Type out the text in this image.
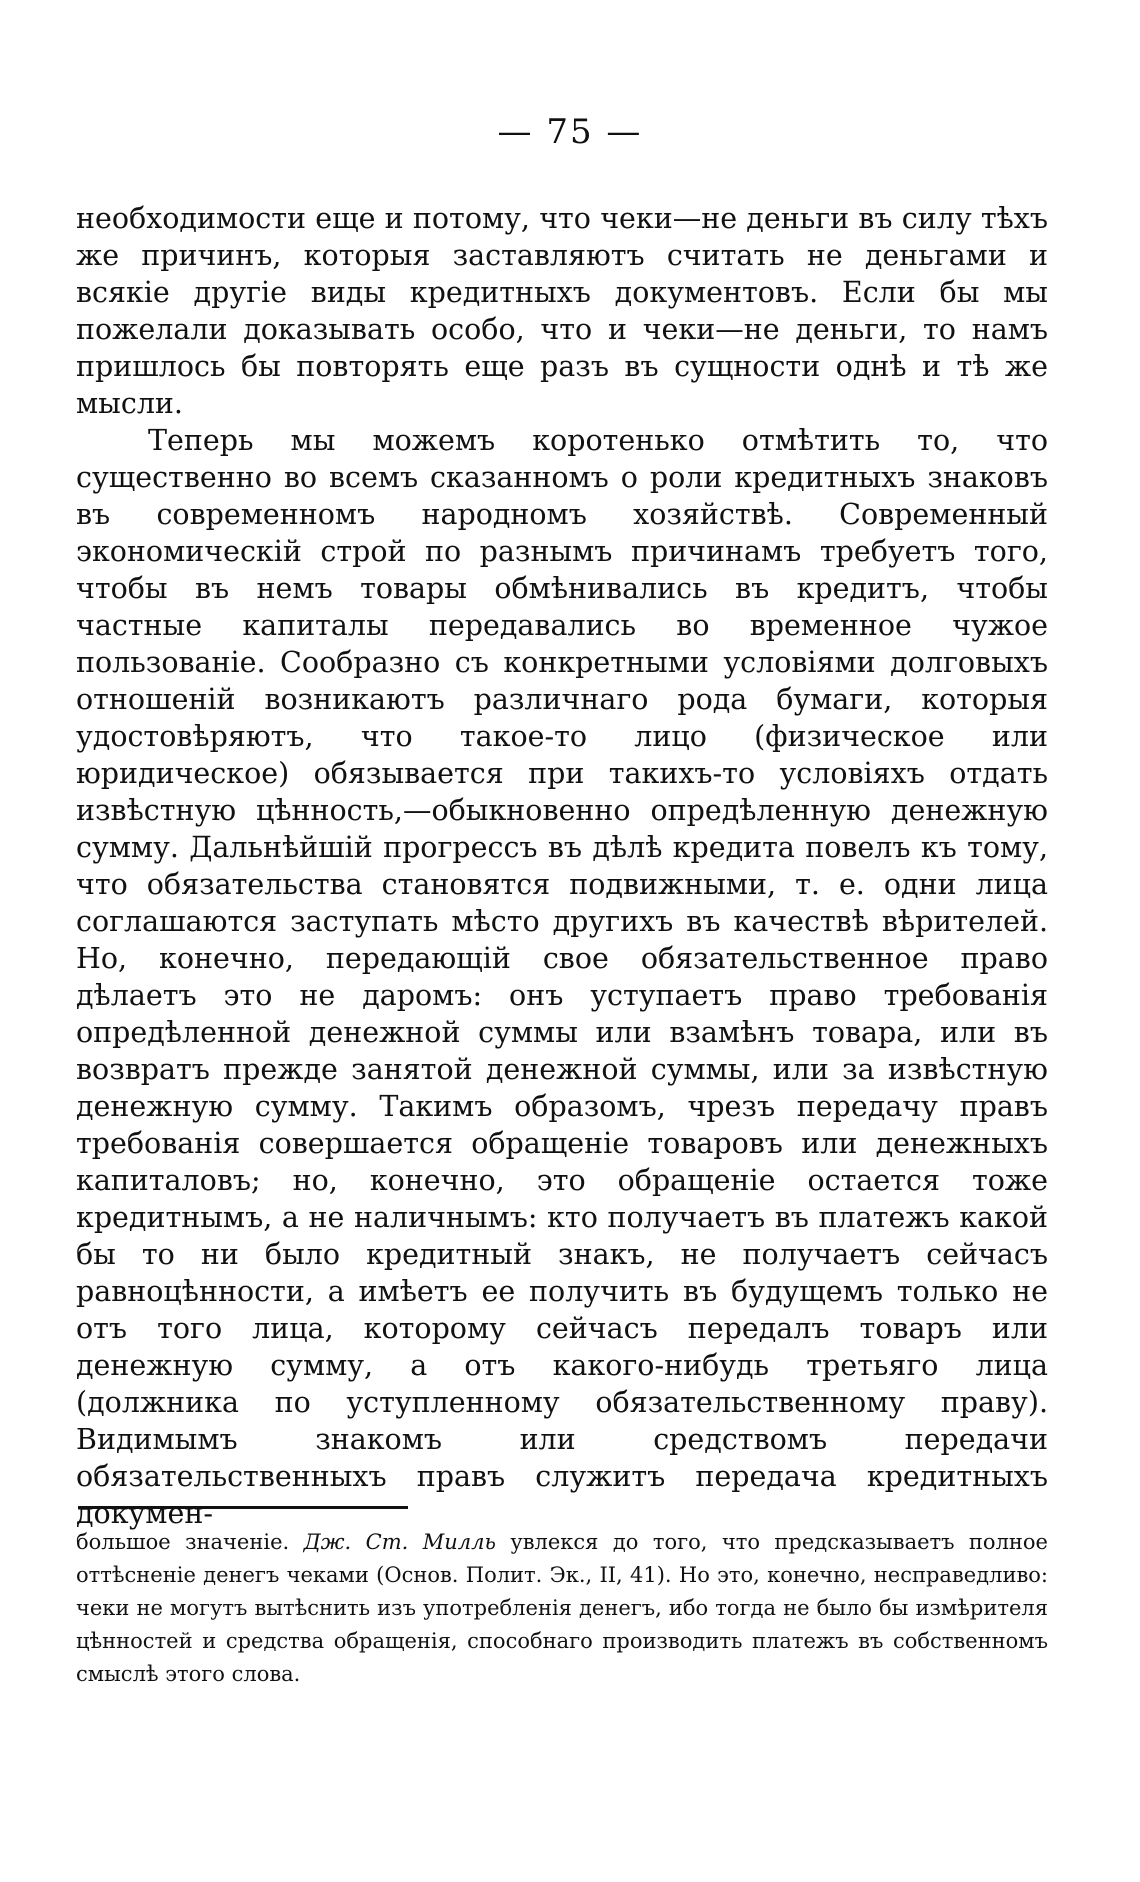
— 75 —

необходимости еще и потому, что чеки—не деньги въ силу тѣхъ же причинъ, которыя заставляютъ считать не деньгами и всякіе другіе виды кредитныхъ документовъ. Если бы мы пожелали доказывать особо, что и чеки—не деньги, то намъ пришлось бы повторять еще разъ въ сущности однѣ и тѣ же мысли.

Теперь мы можемъ коротенько отмѣтить то, что существенно во всемъ сказанномъ о роли кредитныхъ знаковъ въ современномъ народномъ хозяйствѣ. Современный экономическій строй по разнымъ причинамъ требуетъ того, чтобы въ немъ товары обмѣнивались въ кредитъ, чтобы частные капиталы передавались во временное чужое пользованіе. Сообразно съ конкретными условіями долговыхъ отношеній возникаютъ различнаго рода бумаги, которыя удостовѣряютъ, что такое-то лицо (физическое или юридическое) обязывается при такихъ-то условіяхъ отдать извѣстную цѣнность,—обыкновенно опредѣленную денежную сумму. Дальнѣйшій прогрессъ въ дѣлѣ кредита повелъ къ тому, что обязательства становятся подвижными, т. е. одни лица соглашаются заступать мѣсто другихъ въ качествѣ вѣрителей. Но, конечно, передающій свое обязательственное право дѣлаетъ это не даромъ: онъ уступаетъ право требованія опредѣленной денежной суммы или взамѣнъ товара, или въ возвратъ прежде занятой денежной суммы, или за извѣстную денежную сумму. Такимъ образомъ, чрезъ передачу правъ требованія совершается обращеніе товаровъ или денежныхъ капиталовъ; но, конечно, это обращеніе остается тоже кредитнымъ, а не наличнымъ: кто получаетъ въ платежъ какой бы то ни было кредитный знакъ, не получаетъ сейчасъ равноцѣнности, а имѣетъ ее получить въ будущемъ только не отъ того лица, которому сейчасъ передалъ товаръ или денежную сумму, а отъ какого-нибудь третьяго лица (должника по уступленному обязательственному праву). Видимымъ знакомъ или средствомъ передачи обязательственныхъ правъ служитъ передача кредитныхъ докумен-

большое значеніе. Дж. Ст. Милль увлекся до того, что предсказываетъ полное оттѣсненіе денегъ чеками (Основ. Полит. Эк., II, 41). Но это, конечно, несправедливо: чеки не могутъ вытѣснить изъ употребленія денегъ, ибо тогда не было бы измѣрителя цѣнностей и средства обращенія, способнаго производить платежъ въ собственномъ смыслѣ этого слова.
